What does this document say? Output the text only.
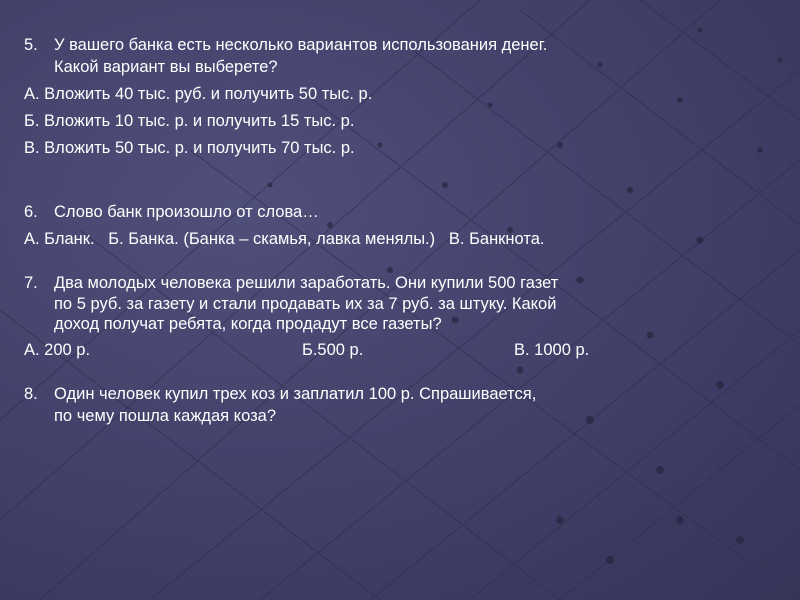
5. У вашего банка есть несколько вариантов использования денег.
Какой вариант вы выберете?
А. Вложить 40 тыс. руб. и получить 50 тыс. р.
Б. Вложить 10 тыс. р. и получить 15 тыс. р.
В. Вложить 50 тыс. р. и получить 70 тыс. р.
6. Слово банк произошло от слова…
А. Бланк.   Б. Банка. (Банка – скамья, лавка менялы.)   В. Банкнота.
7. Два молодых человека решили заработать. Они купили 500 газет
по 5 руб. за газету и стали продавать их за 7 руб. за штуку. Какой
доход получат ребята, когда продадут все газеты?
А. 200 р.	Б.500 р.	В. 1000 р.
8. Один человек купил трех коз и заплатил 100 р. Спрашивается,
по чему пошла каждая коза?
